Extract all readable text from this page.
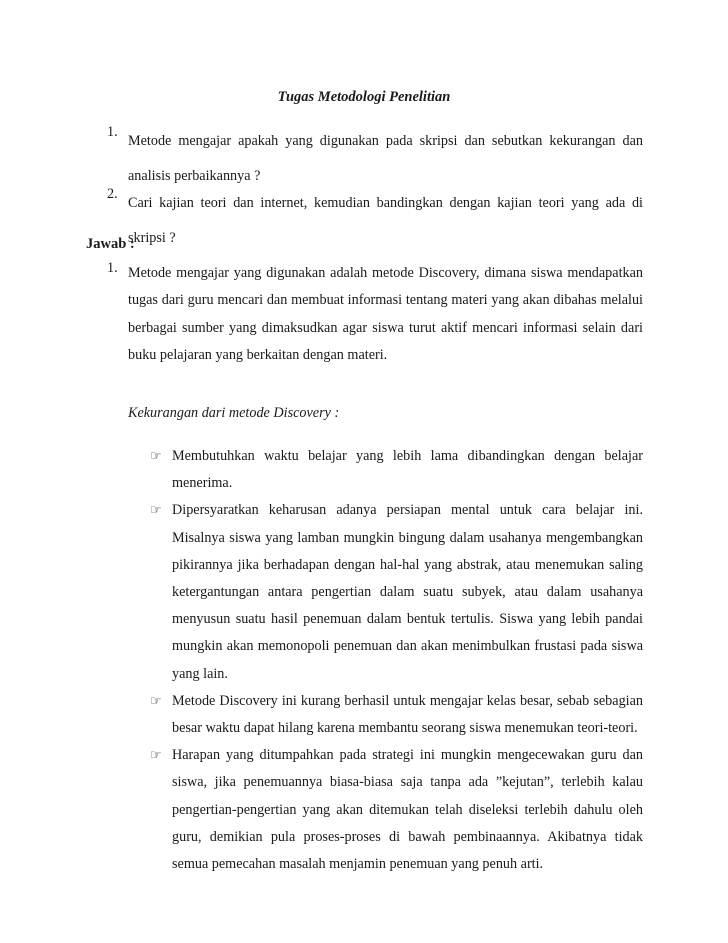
Tugas Metodologi Penelitian
1.
Metode mengajar apakah yang digunakan pada skripsi dan sebutkan kekurangan dan analisis perbaikannya ?
2.
Cari kajian teori dan internet, kemudian bandingkan dengan kajian teori yang ada di skripsi ?
Jawab :
1. Metode mengajar yang digunakan adalah metode Discovery, dimana siswa mendapatkan tugas dari guru mencari dan membuat informasi tentang materi yang akan dibahas melalui berbagai sumber yang dimaksudkan agar siswa turut aktif mencari informasi selain dari buku pelajaran yang berkaitan dengan materi.
Kekurangan dari metode Discovery :
☞ Membutuhkan waktu belajar yang lebih lama dibandingkan dengan belajar menerima.
☞ Dipersyaratkan keharusan adanya persiapan mental untuk cara belajar ini. Misalnya siswa yang lamban mungkin bingung dalam usahanya mengembangkan pikirannya jika berhadapan dengan hal-hal yang abstrak, atau menemukan saling ketergantungan antara pengertian dalam suatu subyek, atau dalam usahanya menyusun suatu hasil penemuan dalam bentuk tertulis. Siswa yang lebih pandai mungkin akan memonopoli penemuan dan akan menimbulkan frustasi pada siswa yang lain.
☞ Metode Discovery ini kurang berhasil untuk mengajar kelas besar, sebab sebagian besar waktu dapat hilang karena membantu seorang siswa menemukan teori-teori.
☞ Harapan yang ditumpahkan pada strategi ini mungkin mengecewakan guru dan siswa, jika penemuannya biasa-biasa saja tanpa ada ”kejutan”, terlebih kalau pengertian-pengertian yang akan ditemukan telah diseleksi terlebih dahulu oleh guru, demikian pula proses-proses di bawah pembinaannya. Akibatnya tidak semua pemecahan masalah menjamin penemuan yang penuh arti.
